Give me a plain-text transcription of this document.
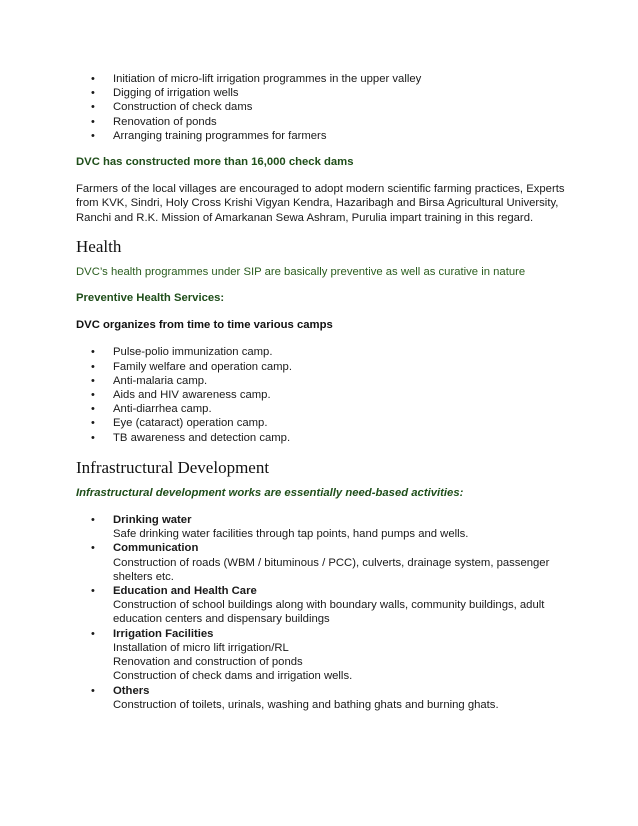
• Initiation of micro-lift irrigation programmes in the upper valley
• Digging of irrigation wells
• Construction of check dams
• Renovation of ponds
• Arranging training programmes for farmers
DVC has constructed more than 16,000 check dams
Farmers of the local villages are encouraged to adopt modern scientific farming practices, Experts from KVK, Sindri, Holy Cross Krishi Vigyan Kendra, Hazaribagh and Birsa Agricultural University, Ranchi and R.K. Mission of Amarkanan Sewa Ashram, Purulia impart training in this regard.
Health
DVC’s health programmes under SIP are basically preventive as well as curative in nature
Preventive Health Services:
DVC organizes from time to time various camps
• Pulse-polio immunization camp.
• Family welfare and operation camp.
• Anti-malaria camp.
• Aids and HIV awareness camp.
• Anti-diarrhea camp.
• Eye (cataract) operation camp.
• TB awareness and detection camp.
Infrastructural Development
Infrastructural development works are essentially need-based activities:
• Drinking water
Safe drinking water facilities through tap points, hand pumps and wells.
• Communication
Construction of roads (WBM / bituminous / PCC), culverts, drainage system, passenger shelters etc.
• Education and Health Care
Construction of school buildings along with boundary walls, community buildings, adult education centers and dispensary buildings
• Irrigation Facilities
Installation of micro lift irrigation/RL
Renovation and construction of ponds
Construction of check dams and irrigation wells.
• Others
Construction of toilets, urinals, washing and bathing ghats and burning ghats.
